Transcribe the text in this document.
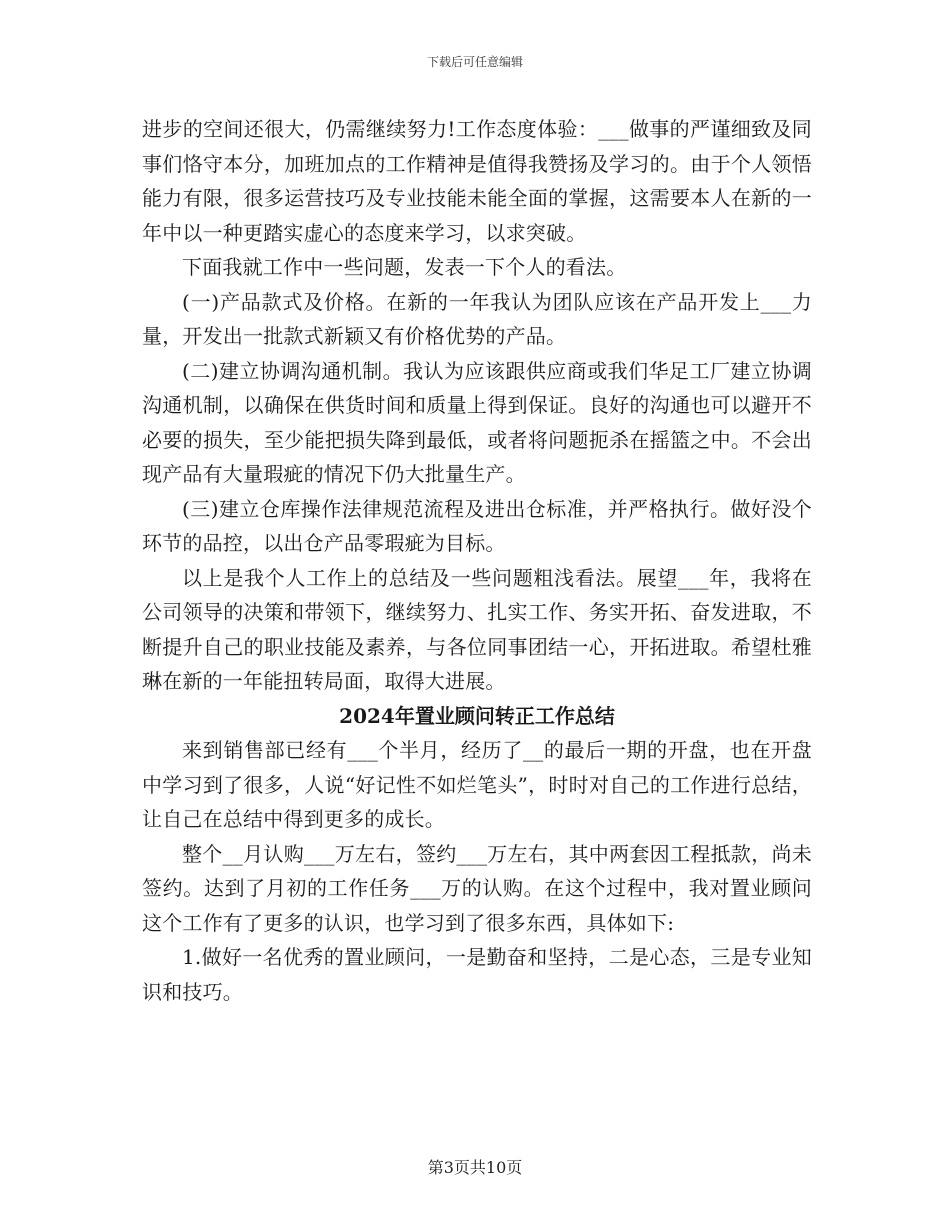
下载后可任意编辑

进步的空间还很大，仍需继续努力!工作态度体验：___做事的严谨细致及同事们恪守本分，加班加点的工作精神是值得我赞扬及学习的。由于个人领悟能力有限，很多运营技巧及专业技能未能全面的掌握，这需要本人在新的一年中以一种更踏实虚心的态度来学习，以求突破。

下面我就工作中一些问题，发表一下个人的看法。

(一)产品款式及价格。在新的一年我认为团队应该在产品开发上___力量，开发出一批款式新颖又有价格优势的产品。

(二)建立协调沟通机制。我认为应该跟供应商或我们华足工厂建立协调沟通机制，以确保在供货时间和质量上得到保证。良好的沟通也可以避开不必要的损失，至少能把损失降到最低，或者将问题扼杀在摇篮之中。不会出现产品有大量瑕疵的情况下仍大批量生产。

(三)建立仓库操作法律规范流程及进出仓标准，并严格执行。做好没个环节的品控，以出仓产品零瑕疵为目标。

以上是我个人工作上的总结及一些问题粗浅看法。展望___年，我将在公司领导的决策和带领下，继续努力、扎实工作、务实开拓、奋发进取，不断提升自己的职业技能及素养，与各位同事团结一心，开拓进取。希望杜雅琳在新的一年能扭转局面，取得大进展。

2024年置业顾问转正工作总结

来到销售部已经有___个半月，经历了__的最后一期的开盘，也在开盘中学习到了很多，人说“好记性不如烂笔头”，时时对自己的工作进行总结，让自己在总结中得到更多的成长。

整个__月认购___万左右，签约___万左右，其中两套因工程抵款，尚未签约。达到了月初的工作任务___万的认购。在这个过程中，我对置业顾问这个工作有了更多的认识，也学习到了很多东西，具体如下:

1.做好一名优秀的置业顾问，一是勤奋和坚持，二是心态，三是专业知识和技巧。

第3页共10页
